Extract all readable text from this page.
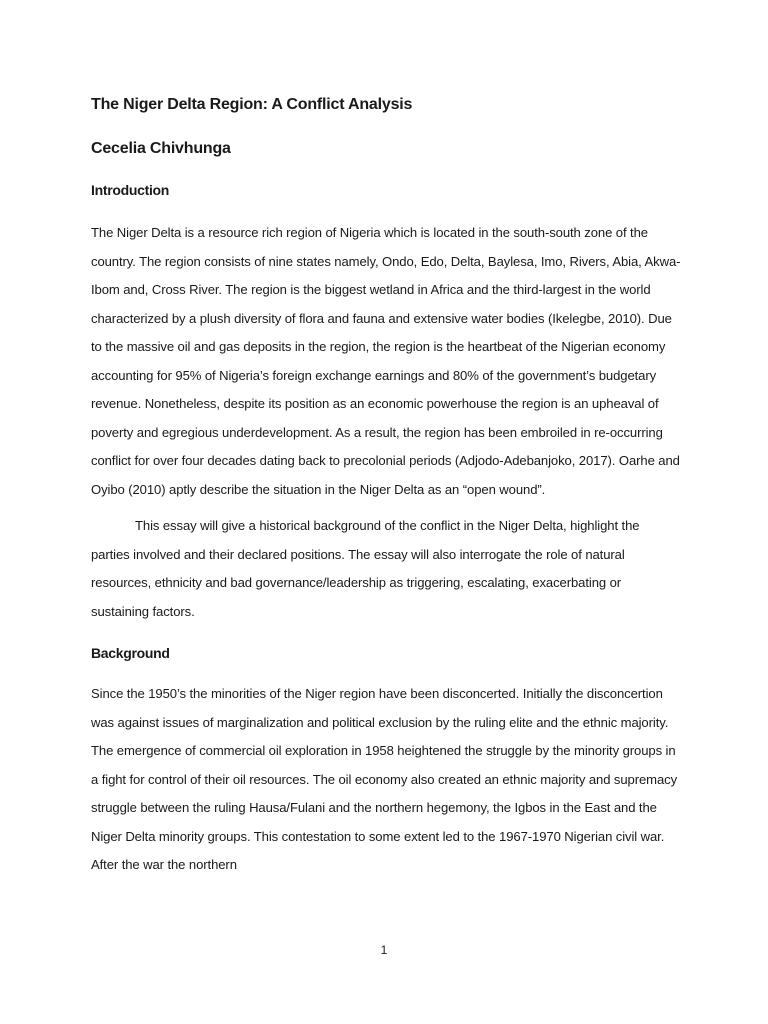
The Niger Delta Region: A Conflict Analysis
Cecelia Chivhunga
Introduction

The Niger Delta is a resource rich region of Nigeria which is located in the south-south zone of the country. The region consists of nine states namely, Ondo, Edo, Delta, Baylesa, Imo, Rivers, Abia, Akwa-Ibom and, Cross River. The region is the biggest wetland in Africa and the third-largest in the world characterized by a plush diversity of flora and fauna and extensive water bodies (Ikelegbe, 2010). Due to the massive oil and gas deposits in the region, the region is the heartbeat of the Nigerian economy accounting for 95% of Nigeria’s foreign exchange earnings and 80% of the government’s budgetary revenue. Nonetheless, despite its position as an economic powerhouse the region is an upheaval of poverty and egregious underdevelopment. As a result, the region has been embroiled in re-occurring conflict for over four decades dating back to precolonial periods (Adjodo-Adebanjoko, 2017). Oarhe and Oyibo (2010) aptly describe the situation in the Niger Delta as an “open wound”.

This essay will give a historical background of the conflict in the Niger Delta, highlight the parties involved and their declared positions. The essay will also interrogate the role of natural resources, ethnicity and bad governance/leadership as triggering, escalating, exacerbating or sustaining factors.

Background

Since the 1950’s the minorities of the Niger region have been disconcerted. Initially the disconcertion was against issues of marginalization and political exclusion by the ruling elite and the ethnic majority. The emergence of commercial oil exploration in 1958 heightened the struggle by the minority groups in a fight for control of their oil resources. The oil economy also created an ethnic majority and supremacy struggle between the ruling Hausa/Fulani and the northern hegemony, the Igbos in the East and the Niger Delta minority groups. This contestation to some extent led to the 1967-1970 Nigerian civil war. After the war the northern

1
